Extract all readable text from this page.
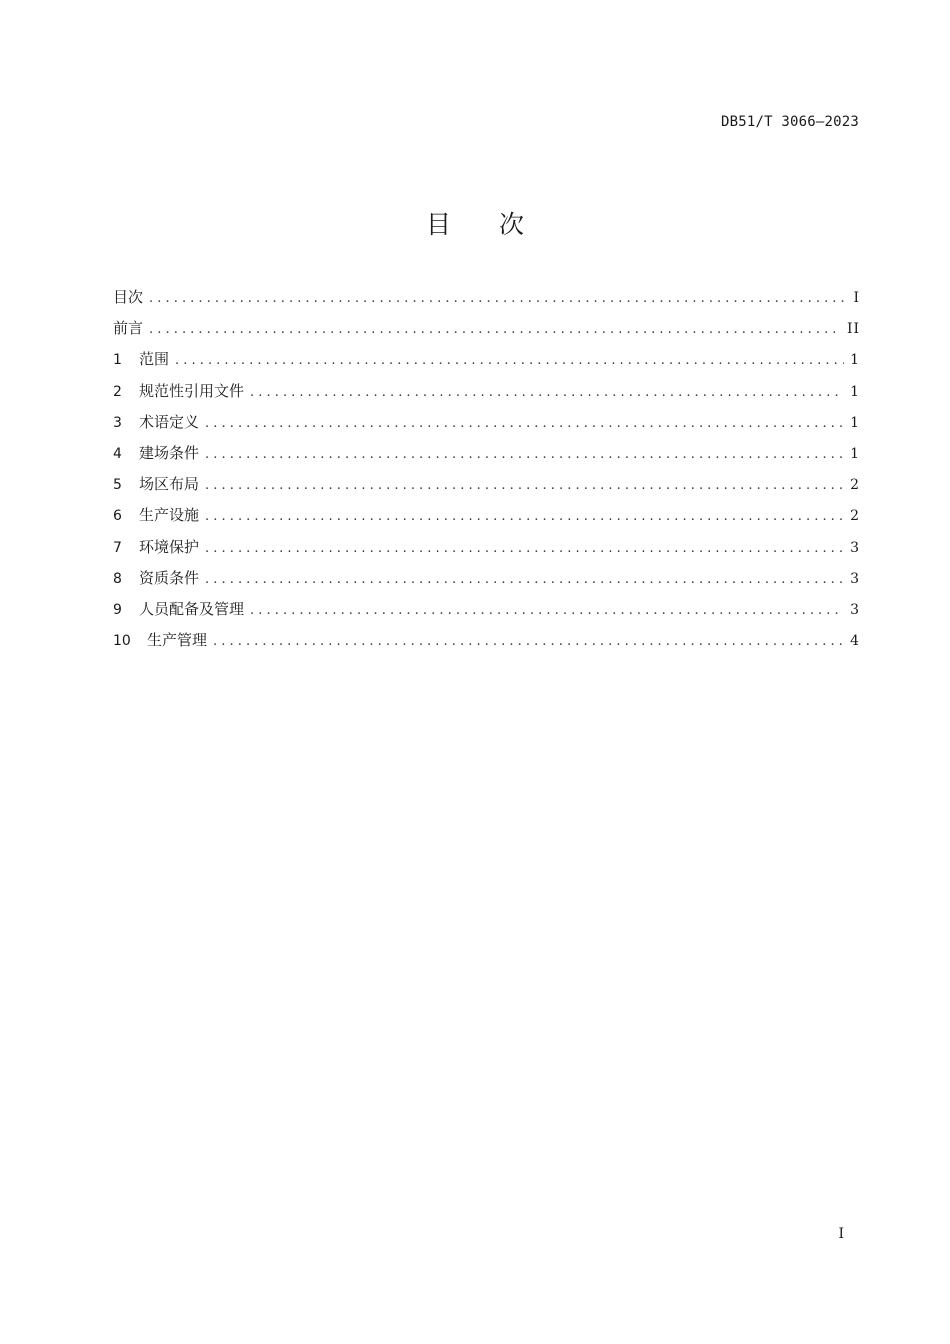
DB51/T 3066—2023
目 次
目次 .....	I
前言 .....	II
1	范围 .....	1
2	规范性引用文件 .....	1
3	术语定义 .....	1
4	建场条件 .....	1
5	场区布局 .....	2
6	生产设施 .....	2
7	环境保护 .....	3
8	资质条件 .....	3
9	人员配备及管理 .....	3
10	生产管理 .....	4
I
